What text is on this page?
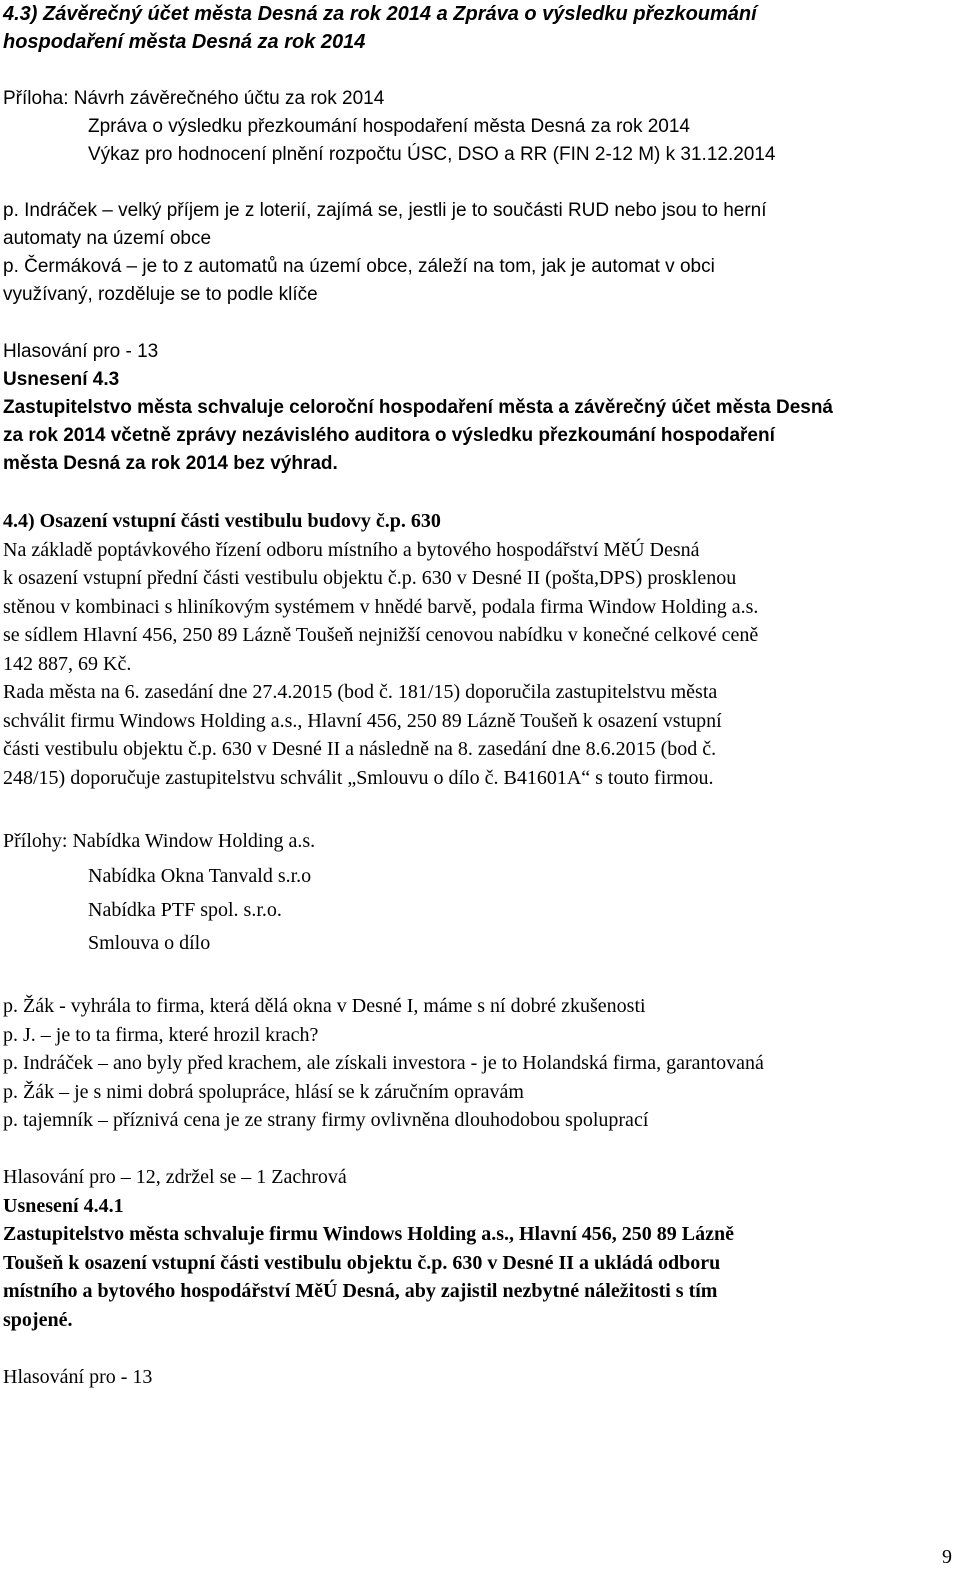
4.3) Závěrečný účet města Desná za rok 2014 a Zpráva o výsledku přezkoumání
hospodaření města Desná za rok 2014
Příloha: Návrh závěrečného účtu za rok 2014
Zpráva o výsledku přezkoumání hospodaření města Desná za rok 2014
Výkaz pro hodnocení plnění rozpočtu ÚSC, DSO a RR (FIN 2-12 M) k 31.12.2014
p. Indráček – velký příjem je z loterií, zajímá se, jestli je to součásti RUD nebo jsou to herní
automaty na území obce
p. Čermáková – je to z automatů na území obce, záleží na tom, jak je automat v obci
využívaný, rozděluje se to podle klíče
Hlasování pro - 13
Usnesení 4.3
Zastupitelstvo města schvaluje celoroční hospodaření města a závěrečný účet města Desná
za rok 2014 včetně zprávy nezávislého auditora o výsledku přezkoumání hospodaření
města Desná za rok 2014 bez výhrad.
4.4) Osazení vstupní části vestibulu budovy č.p. 630
Na základě poptávkového řízení odboru místního a bytového hospodářství MěÚ Desná
k osazení vstupní přední části vestibulu objektu č.p. 630 v Desné II (pošta,DPS) prosklenou
stěnou v kombinaci s hliníkovým systémem v hnědé barvě, podala firma Window Holding a.s.
se sídlem Hlavní 456, 250 89 Lázně Toušeň nejnižší cenovou nabídku v konečné celkové ceně
142 887, 69 Kč.
Rada města na 6. zasedání dne 27.4.2015 (bod č. 181/15) doporučila zastupitelstvu města
schválit firmu Windows Holding a.s., Hlavní 456, 250 89 Lázně Toušeň k osazení vstupní
části vestibulu objektu č.p. 630 v Desné II a následně na 8. zasedání dne 8.6.2015 (bod č.
248/15) doporučuje zastupitelstvu schválit „Smlouvu o dílo č. B41601A“ s touto firmou.
Přílohy: Nabídka Window Holding a.s.
Nabídka Okna Tanvald s.r.o
Nabídka PTF spol. s.r.o.
Smlouva o dílo
p. Žák - vyhrála to firma, která dělá okna v Desné I, máme s ní dobré zkušenosti
p. J. – je to ta firma, které hrozil krach?
p. Indráček – ano byly před krachem, ale získali investora - je to Holandská firma, garantovaná
p. Žák – je s nimi dobrá spolupráce, hlásí se k záručním opravám
p. tajemník – příznivá cena je ze strany firmy ovlivněna dlouhodobou spoluprací
Hlasování pro – 12, zdržel se – 1 Zachrová
Usnesení 4.4.1
Zastupitelstvo města schvaluje firmu Windows Holding a.s., Hlavní 456, 250 89 Lázně
Toušeň k osazení vstupní části vestibulu objektu č.p. 630 v Desné II a ukládá odboru
místního a bytového hospodářství MěÚ Desná, aby zajistil nezbytné náležitosti s tím
spojené.
Hlasování pro - 13
9
